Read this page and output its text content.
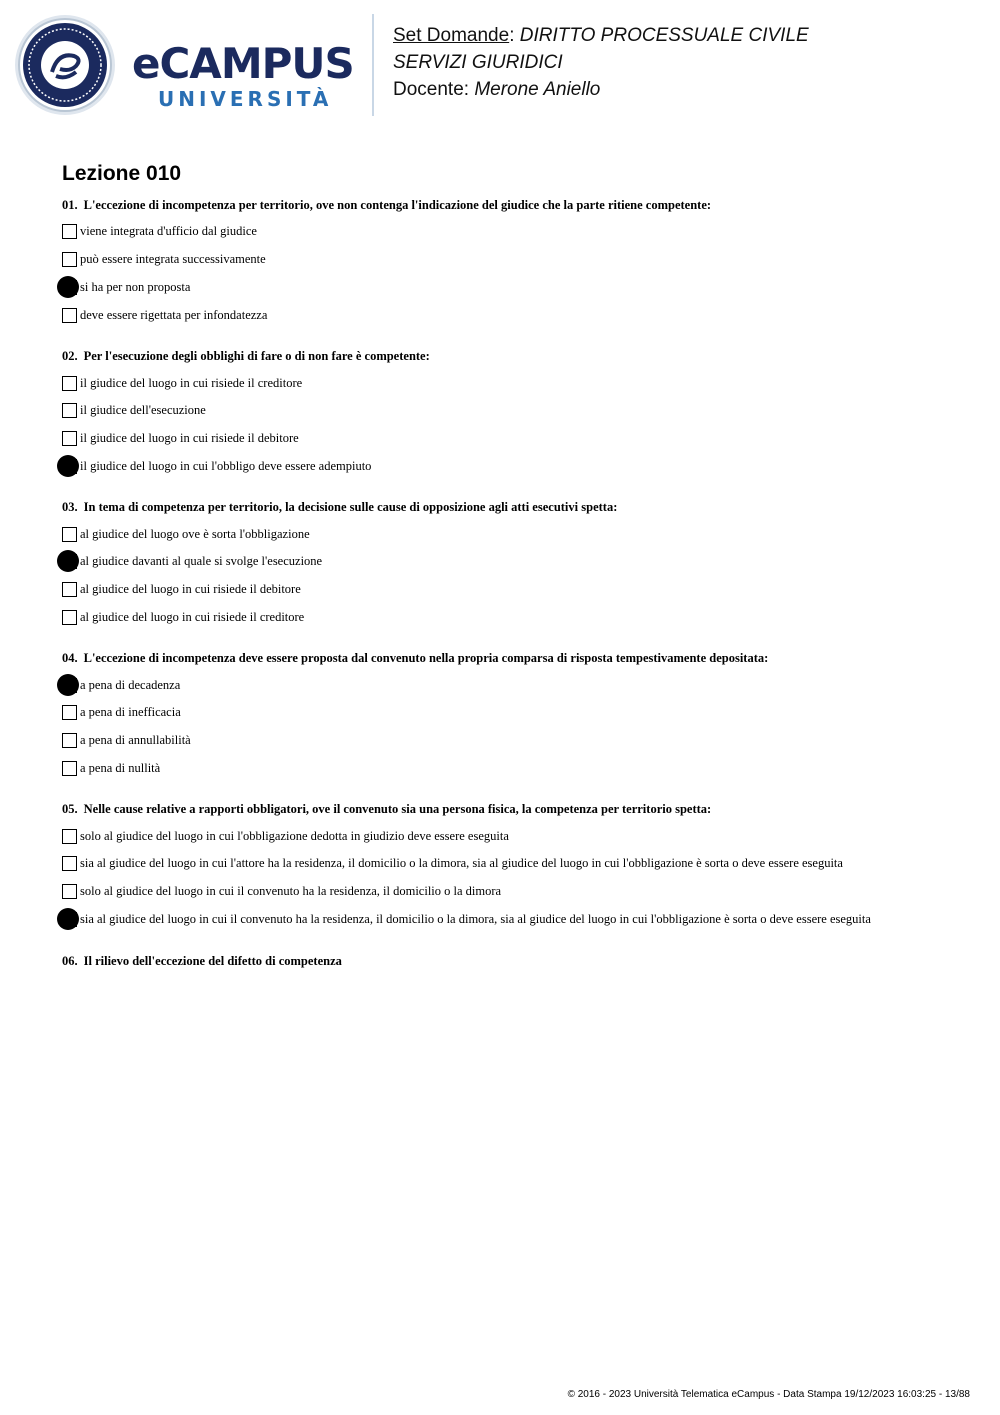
eCAMPUS
UNIVERSITÀ
Set Domande: DIRITTO PROCESSUALE CIVILE
SERVIZI GIURIDICI
Docente: Merone Aniello
Lezione 010
01. L'eccezione di incompetenza per territorio, ove non contenga l'indicazione del giudice che la parte ritiene competente:
viene integrata d'ufficio dal giudice
può essere integrata successivamente
si ha per non proposta
deve essere rigettata per infondatezza
02. Per l'esecuzione degli obblighi di fare o di non fare è competente:
il giudice del luogo in cui risiede il creditore
il giudice dell'esecuzione
il giudice del luogo in cui risiede il debitore
il giudice del luogo in cui l'obbligo deve essere adempiuto
03. In tema di competenza per territorio, la decisione sulle cause di opposizione agli atti esecutivi spetta:
al giudice del luogo ove è sorta l'obbligazione
al giudice davanti al quale si svolge l'esecuzione
al giudice del luogo in cui risiede il debitore
al giudice del luogo in cui risiede il creditore
04. L'eccezione di incompetenza deve essere proposta dal convenuto nella propria comparsa di risposta tempestivamente depositata:
a pena di decadenza
a pena di inefficacia
a pena di annullabilità
a pena di nullità
05. Nelle cause relative a rapporti obbligatori, ove il convenuto sia una persona fisica, la competenza per territorio spetta:
solo al giudice del luogo in cui l'obbligazione dedotta in giudizio deve essere eseguita
sia al giudice del luogo in cui l'attore ha la residenza, il domicilio o la dimora, sia al giudice del luogo in cui l'obbligazione è sorta o deve essere eseguita
solo al giudice del luogo in cui il convenuto ha la residenza, il domicilio o la dimora
sia al giudice del luogo in cui il convenuto ha la residenza, il domicilio o la dimora, sia al giudice del luogo in cui l'obbligazione è sorta o deve essere eseguita
06. Il rilievo dell'eccezione del difetto di competenza
© 2016 - 2023 Università Telematica eCampus - Data Stampa 19/12/2023 16:03:25 - 13/88
